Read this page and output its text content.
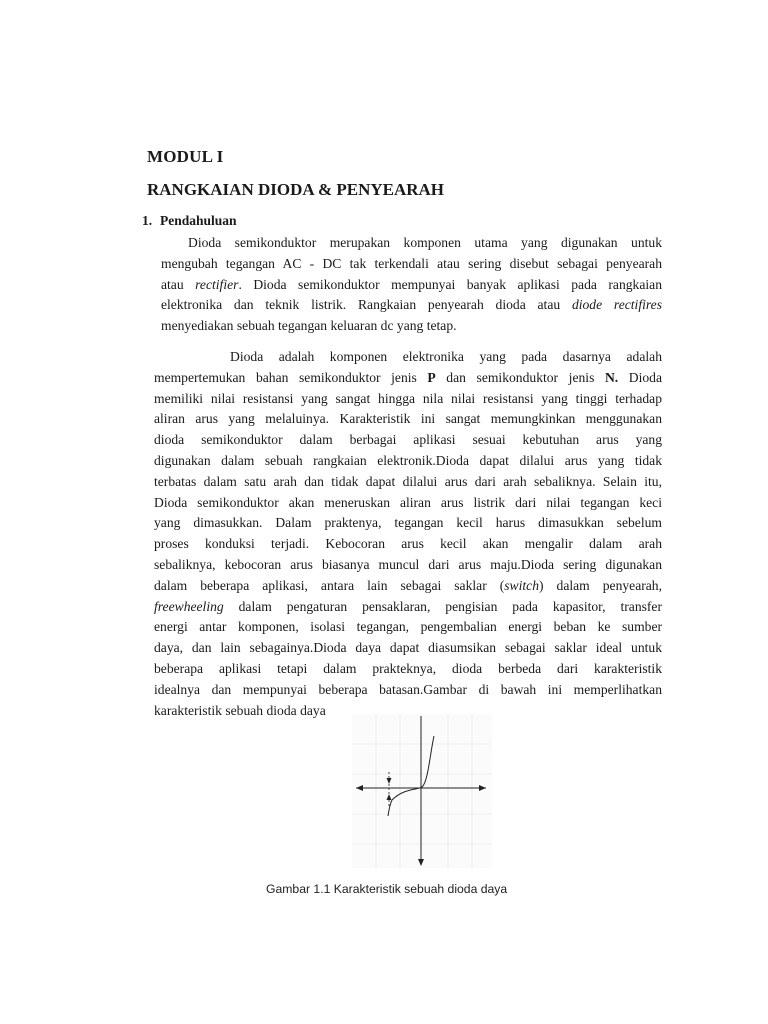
MODUL I
RANGKAIAN DIODA & PENYEARAH
1. Pendahuluan
Dioda semikonduktor merupakan komponen utama yang digunakan untuk
mengubah tegangan AC - DC tak terkendali atau sering disebut sebagai penyearah
atau rectifier. Dioda semikonduktor mempunyai banyak aplikasi pada rangkaian
elektronika dan teknik listrik. Rangkaian penyearah dioda atau diode rectifires
menyediakan sebuah tegangan keluaran dc yang tetap.
Dioda adalah komponen elektronika yang pada dasarnya adalah
mempertemukan bahan semikonduktor jenis P dan semikonduktor jenis N. Dioda
memiliki nilai resistansi yang sangat hingga nila nilai resistansi yang tinggi terhadap
aliran arus yang melaluinya. Karakteristik ini sangat memungkinkan menggunakan
dioda semikonduktor dalam berbagai aplikasi sesuai kebutuhan arus yang
digunakan dalam sebuah rangkaian elektronik.Dioda dapat dilalui arus yang tidak
terbatas dalam satu arah dan tidak dapat dilalui arus dari arah sebaliknya. Selain itu,
Dioda semikonduktor akan meneruskan aliran arus listrik dari nilai tegangan keci
yang dimasukkan. Dalam praktenya, tegangan kecil harus dimasukkan sebelum
proses konduksi terjadi. Kebocoran arus kecil akan mengalir dalam arah
sebaliknya, kebocoran arus biasanya muncul dari arus maju.Dioda sering digunakan
dalam beberapa aplikasi, antara lain sebagai saklar (switch) dalam penyearah,
freewheeling dalam pengaturan pensaklaran, pengisian pada kapasitor, transfer
energi antar komponen, isolasi tegangan, pengembalian energi beban ke sumber
daya, dan lain sebagainya.Dioda daya dapat diasumsikan sebagai saklar ideal untuk
beberapa aplikasi tetapi dalam prakteknya, dioda berbeda dari karakteristik
idealnya dan mempunyai beberapa batasan.Gambar di bawah ini memperlihatkan
karakteristik sebuah dioda daya
Gambar 1.1 Karakteristik sebuah dioda daya
